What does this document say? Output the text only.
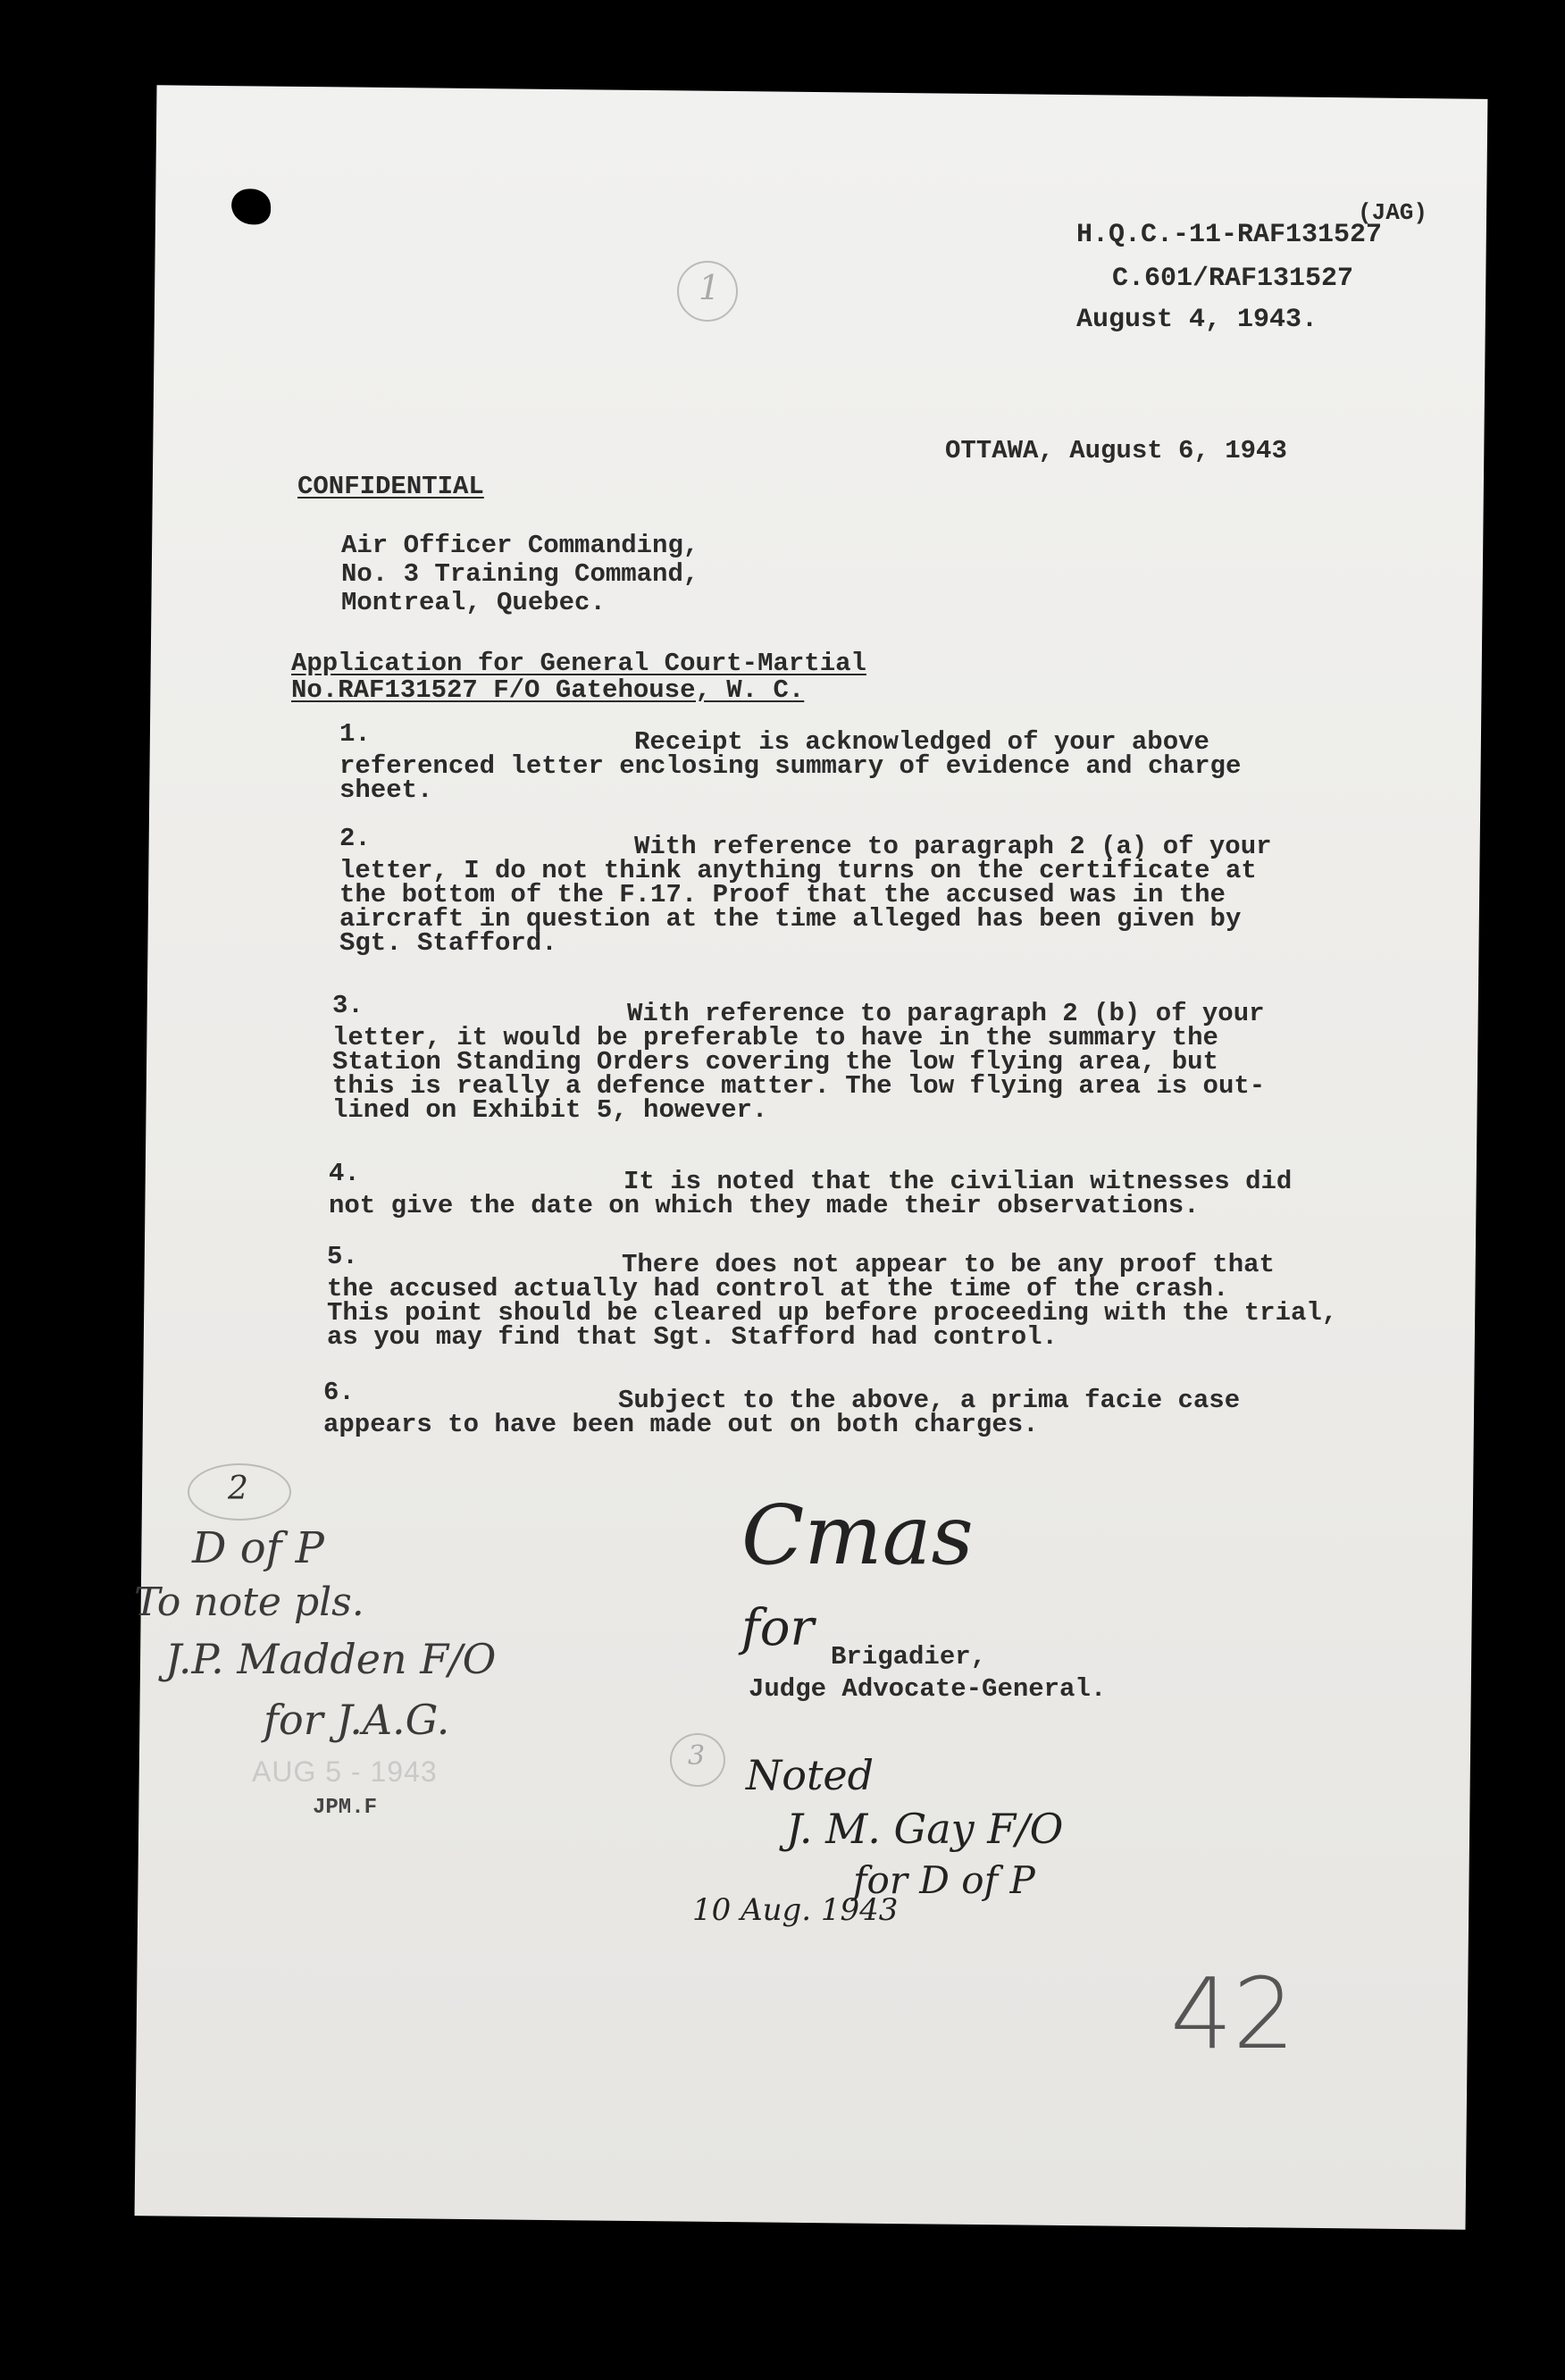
(JAG)
H.Q.C.-11-RAF131527
C.601/RAF131527
August 4, 1943.
1
OTTAWA, August 6, 1943
CONFIDENTIAL
Air Officer Commanding,
No. 3 Training Command,
Montreal, Quebec.
Application for General Court-Martial
No.RAF131527 F/O Gatehouse, W. C.
1.	Receipt is acknowledged of your above
referenced letter enclosing summary of evidence and charge
sheet.
2.	With reference to paragraph 2 (a) of your
letter, I do not think anything turns on the certificate at
the bottom of the F.17. Proof that the accused was in the
aircraft in question at the time alleged has been given by
Sgt. Stafford.
3.	With reference to paragraph 2 (b) of your
letter, it would be preferable to have in the summary the
Station Standing Orders covering the low flying area, but
this is really a defence matter. The low flying area is out-
lined on Exhibit 5, however.
4.	It is noted that the civilian witnesses did
not give the date on which they made their observations.
5.	There does not appear to be any proof that
the accused actually had control at the time of the crash.
This point should be cleared up before proceeding with the trial,
as you may find that Sgt. Stafford had control.
6.	Subject to the above, a prima facie case
appears to have been made out on both charges.
Cmas
for Brigadier,
Judge Advocate-General.
2
D of P
To note pls.
J.P. Madden F/O
for J.A.G.
AUG 5 - 1943
JPM.F
3 Noted
J. M. Gay F/O
for D of P
10 Aug. 1943
42
